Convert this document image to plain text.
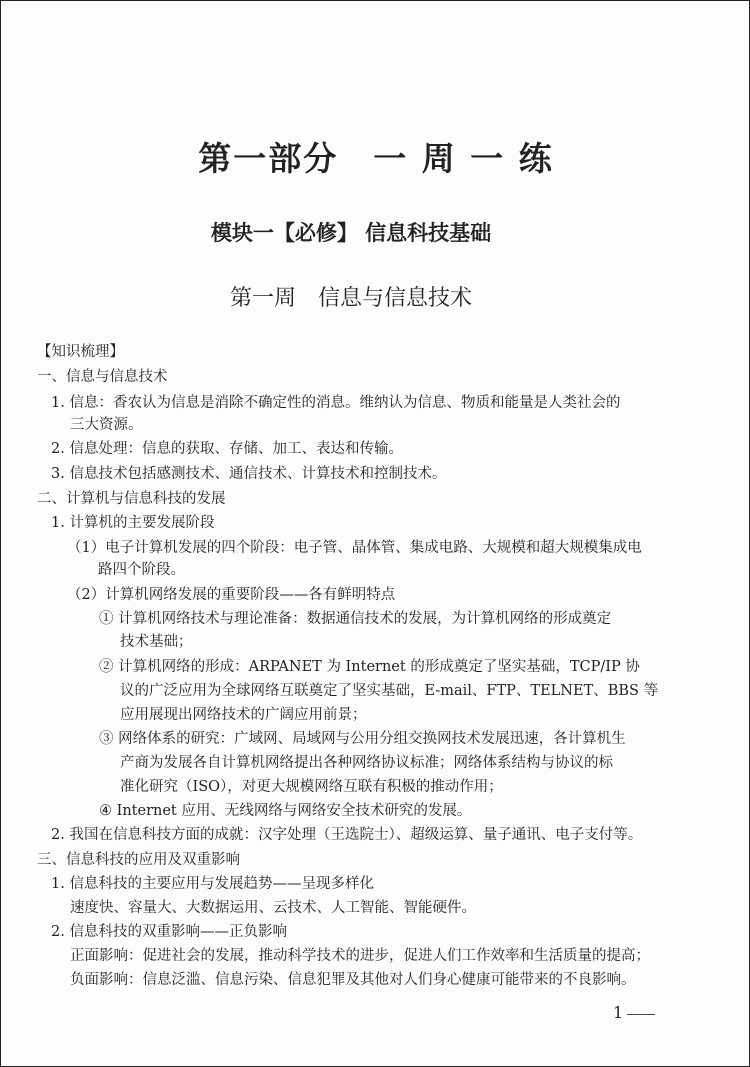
第一部分　一 周 一 练
模块一【必修】 信息科技基础
第一周　信息与信息技术
【知识梳理】
一、信息与信息技术
1. 信息：香农认为信息是消除不确定性的消息。维纳认为信息、物质和能量是人类社会的
三大资源。
2. 信息处理：信息的获取、存储、加工、表达和传输。
3. 信息技术包括感测技术、通信技术、计算技术和控制技术。
二、计算机与信息科技的发展
1. 计算机的主要发展阶段
（1）电子计算机发展的四个阶段：电子管、晶体管、集成电路、大规模和超大规模集成电
路四个阶段。
（2）计算机网络发展的重要阶段——各有鲜明特点
① 计算机网络技术与理论准备：数据通信技术的发展，为计算机网络的形成奠定
技术基础；
② 计算机网络的形成：ARPANET 为 Internet 的形成奠定了坚实基础，TCP/IP 协
议的广泛应用为全球网络互联奠定了坚实基础，E-mail、FTP、TELNET、BBS 等
应用展现出网络技术的广阔应用前景；
③ 网络体系的研究：广域网、局域网与公用分组交换网技术发展迅速，各计算机生
产商为发展各自计算机网络提出各种网络协议标准；网络体系结构与协议的标
准化研究（ISO），对更大规模网络互联有积极的推动作用；
④ Internet 应用、无线网络与网络安全技术研究的发展。
2. 我国在信息科技方面的成就：汉字处理（王选院士）、超级运算、量子通讯、电子支付等。
三、信息科技的应用及双重影响
1. 信息科技的主要应用与发展趋势——呈现多样化
速度快、容量大、大数据运用、云技术、人工智能、智能硬件。
2. 信息科技的双重影响——正负影响
正面影响：促进社会的发展，推动科学技术的进步，促进人们工作效率和生活质量的提高；
负面影响：信息泛滥、信息污染、信息犯罪及其他对人们身心健康可能带来的不良影响。
1
